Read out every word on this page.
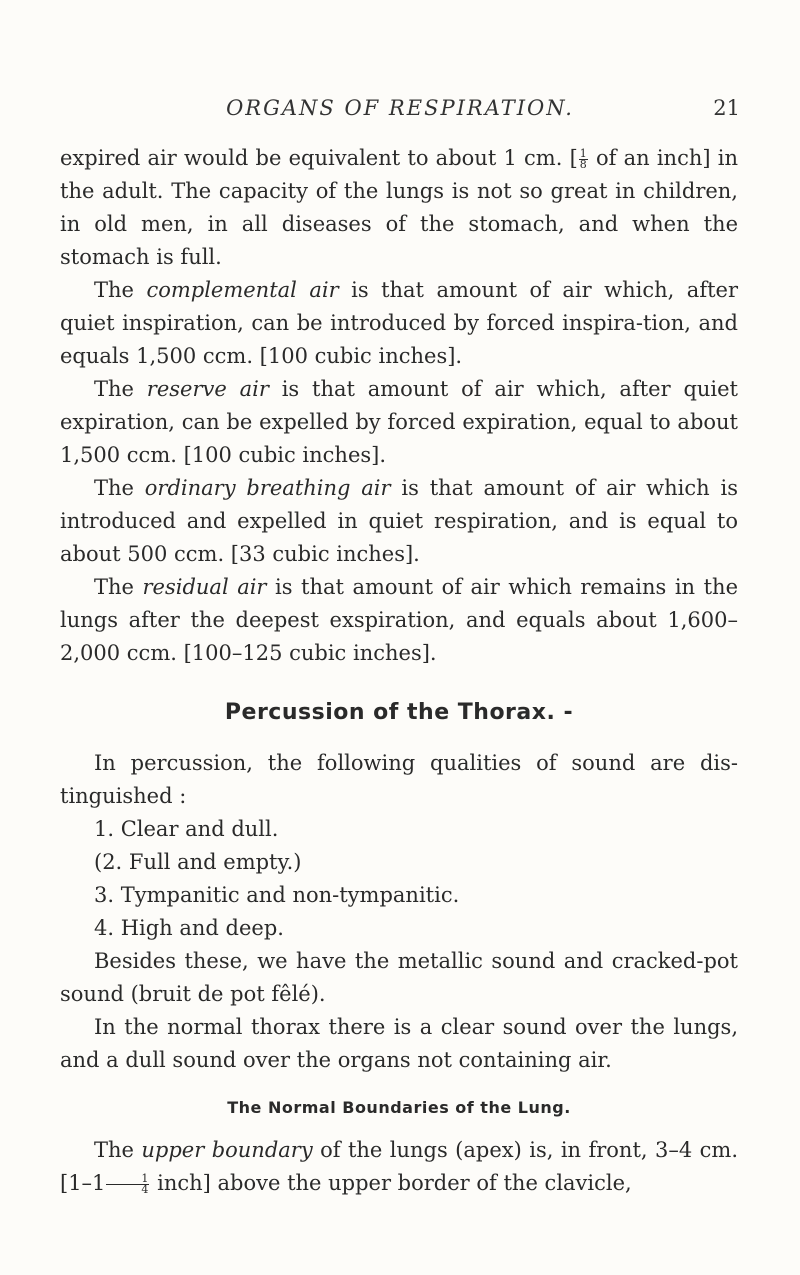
ORGANS OF RESPIRATION.	21

expired air would be equivalent to about 1 cm. [ $\frac{1}{8}$ of an inch] in the adult. The capacity of the lungs is not so great in children, in old men, in all diseases of the stomach, and when the stomach is full.

The complemental air is that amount of air which, after quiet inspiration, can be introduced by forced inspira-tion, and equals 1,500 ccm. [100 cubic inches].

The reserve air is that amount of air which, after quiet expiration, can be expelled by forced expiration, equal to about 1,500 ccm. [100 cubic inches].

The ordinary breathing air is that amount of air which is introduced and expelled in quiet respiration, and is equal to about 500 ccm. [33 cubic inches].

The residual air is that amount of air which remains in the lungs after the deepest exspiration, and equals about 1,600–2,000 ccm. [100–125 cubic inches].

Percussion of the Thorax. -

In percussion, the following qualities of sound are dis-tinguished :

1. Clear and dull.

(2. Full and empty.)

3. Tympanitic and non-tympanitic.

4. High and deep.

Besides these, we have the metallic sound and cracked-pot sound (bruit de pot fêlé).

In the normal thorax there is a clear sound over the lungs, and a dull sound over the organs not containing air.

The Normal Boundaries of the Lung.

The upper boundary of the lungs (apex) is, in front, 3–4 cm. [$1-1 \frac{1}{4}$ inch] above the upper border of the clavicle,
